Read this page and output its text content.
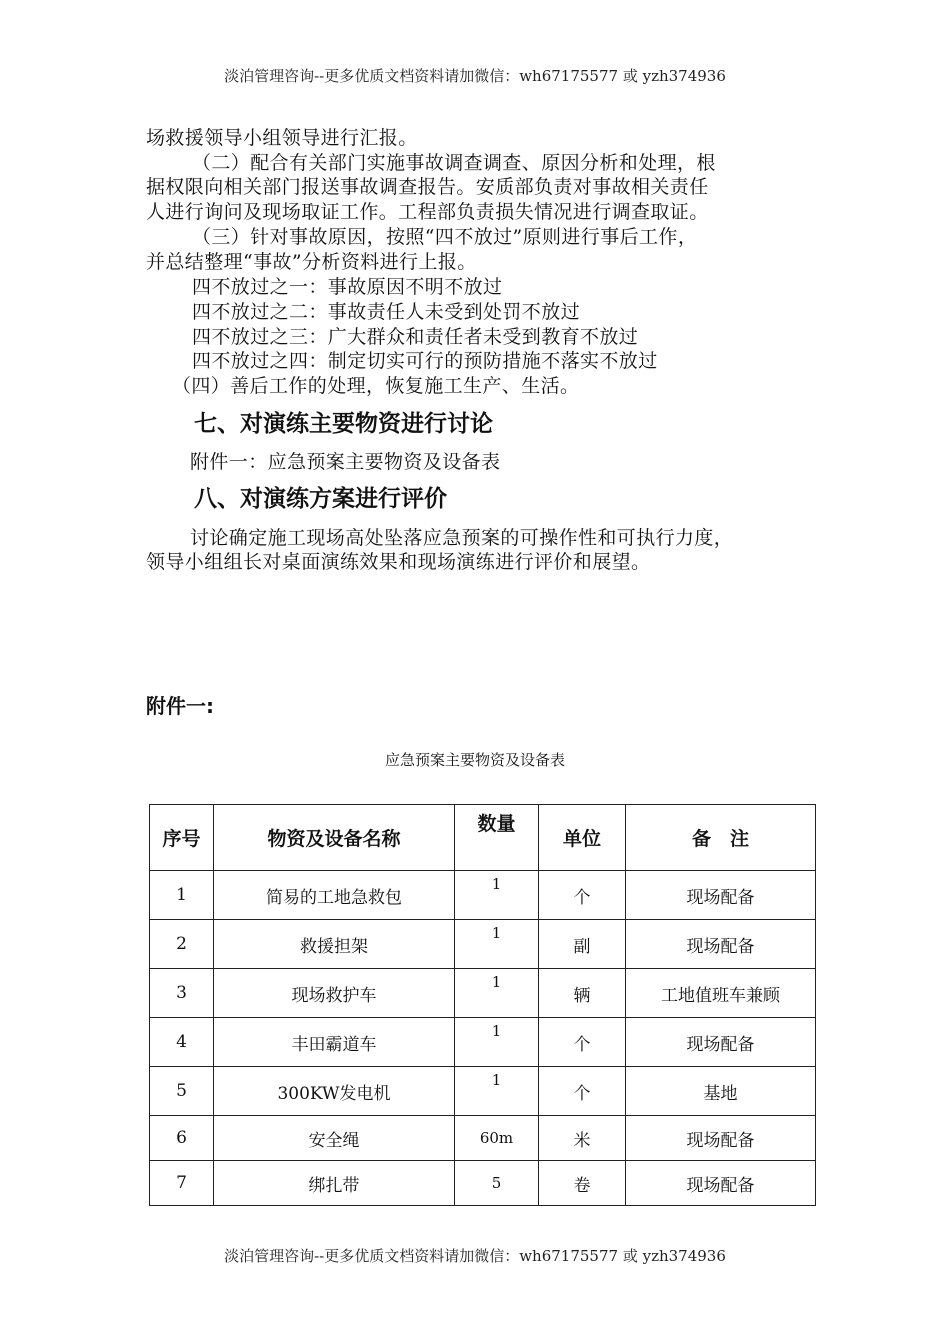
淡泊管理咨询--更多优质文档资料请加微信：wh67175577 或 yzh374936
场救援领导小组领导进行汇报。
（二）配合有关部门实施事故调查调查、原因分析和处理，根
据权限向相关部门报送事故调查报告。安质部负责对事故相关责任
人进行询问及现场取证工作。工程部负责损失情况进行调查取证。
（三）针对事故原因，按照“四不放过”原则进行事后工作，
并总结整理“事故”分析资料进行上报。
四不放过之一：事故原因不明不放过
四不放过之二：事故责任人未受到处罚不放过
四不放过之三：广大群众和责任者未受到教育不放过
四不放过之四：制定切实可行的预防措施不落实不放过
（四）善后工作的处理，恢复施工生产、生活。
七、对演练主要物资进行讨论
附件一：应急预案主要物资及设备表
八、对演练方案进行评价
讨论确定施工现场高处坠落应急预案的可操作性和可执行力度，
领导小组组长对桌面演练效果和现场演练进行评价和展望。
附件一:
应急预案主要物资及设备表
序号	物资及设备名称	数量	单位	备　注
1	简易的工地急救包	1	个	现场配备
2	救援担架	1	副	现场配备
3	现场救护车	1	辆	工地值班车兼顾
4	丰田霸道车	1	个	现场配备
5	300KW发电机	1	个	基地
6	安全绳	60m	米	现场配备
7	绑扎带	5	卷	现场配备
淡泊管理咨询--更多优质文档资料请加微信：wh67175577 或 yzh374936
